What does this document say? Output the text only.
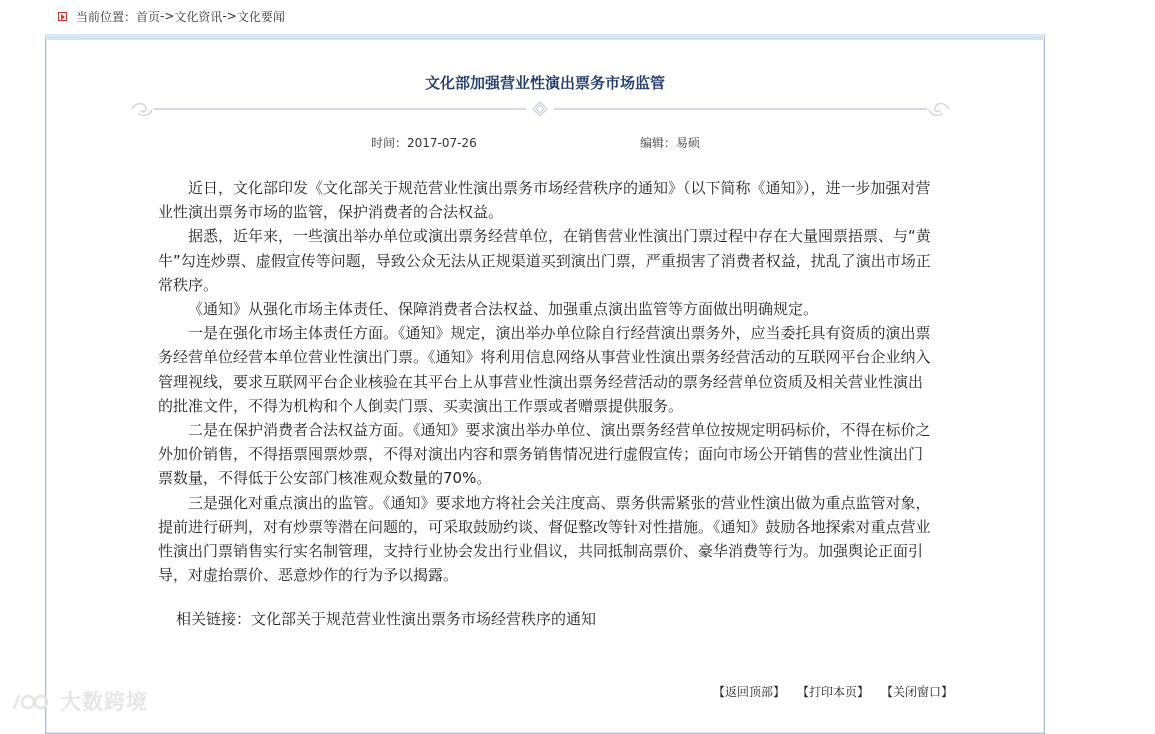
当前位置： 首页 -> 文化资讯 -> 文化要闻
文化部加强营业性演出票务市场监管
时间：2017-07-26	编辑：易硕

近日，文化部印发《文化部关于规范营业性演出票务市场经营秩序的通知》（以下简称《通知》），进一步加强对营业性演出票务市场的监管，保护消费者的合法权益。

据悉，近年来，一些演出举办单位或演出票务经营单位，在销售营业性演出门票过程中存在大量囤票捂票、与“黄牛”勾连炒票、虚假宣传等问题，导致公众无法从正规渠道买到演出门票，严重损害了消费者权益，扰乱了演出市场正常秩序。

《通知》从强化市场主体责任、保障消费者合法权益、加强重点演出监管等方面做出明确规定。

一是在强化市场主体责任方面。《通知》规定，演出举办单位除自行经营演出票务外，应当委托具有资质的演出票务经营单位经营本单位营业性演出门票。《通知》将利用信息网络从事营业性演出票务经营活动的互联网平台企业纳入管理视线，要求互联网平台企业核验在其平台上从事营业性演出票务经营活动的票务经营单位资质及相关营业性演出的批准文件，不得为机构和个人倒卖门票、买卖演出工作票或者赠票提供服务。

二是在保护消费者合法权益方面。《通知》要求演出举办单位、演出票务经营单位按规定明码标价，不得在标价之外加价销售，不得捂票囤票炒票，不得对演出内容和票务销售情况进行虚假宣传；面向市场公开销售的营业性演出门票数量，不得低于公安部门核准观众数量的70%。

三是强化对重点演出的监管。《通知》要求地方将社会关注度高、票务供需紧张的营业性演出做为重点监管对象，提前进行研判，对有炒票等潜在问题的，可采取鼓励约谈、督促整改等针对性措施。《通知》鼓励各地探索对重点营业性演出门票销售实行实名制管理，支持行业协会发出行业倡议，共同抵制高票价、豪华消费等行为。加强舆论正面引导，对虚抬票价、恶意炒作的行为予以揭露。

相关链接：文化部关于规范营业性演出票务市场经营秩序的通知
【返回顶部】 【打印本页】 【关闭窗口】
大数跨境
